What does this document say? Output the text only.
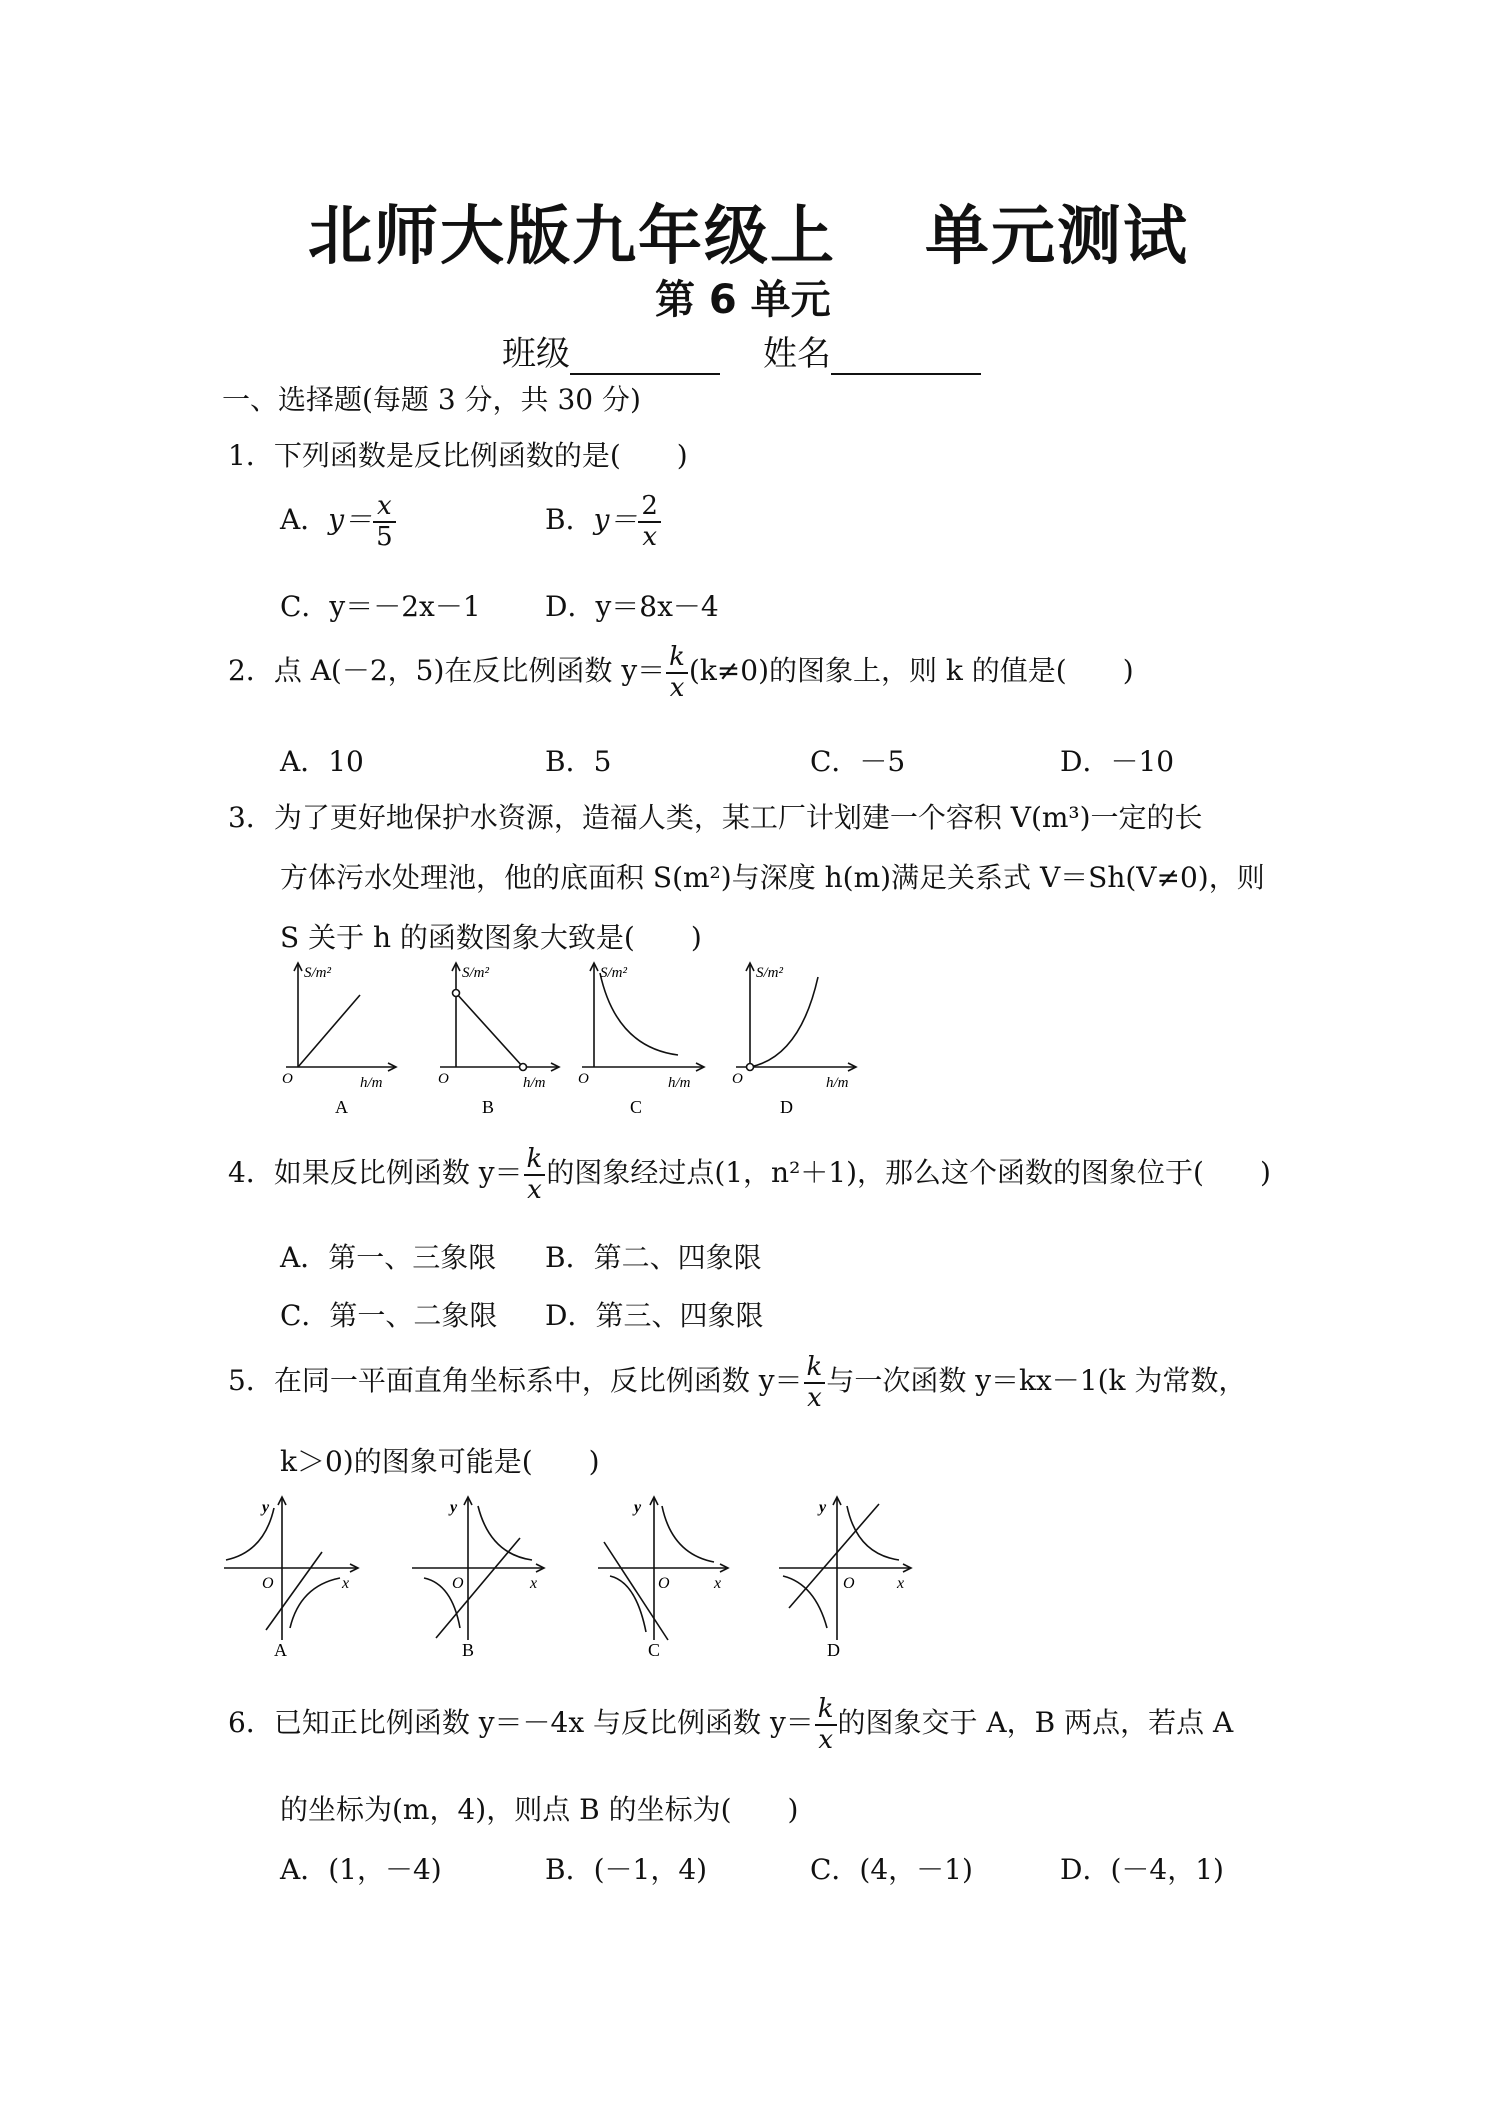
北师大版九年级上 单元测试
第 6 单元
班级	姓名
一、选择题(每题 3 分，共 30 分)
1．下列函数是反比例函数的是(　　)
A．$y= \frac{x}{5}$	B．$y= \frac{2}{x}$
C．y＝－2x－1 D．y＝8x－4
2．点 A(－2，5)在反比例函数 $y= \frac{k}{x} (k\ne 0)$的图象上，则 k 的值是(　　)
A．10	B．5	C．－5	D．－10
3．为了更好地保护水资源，造福人类，某工厂计划建一个容积 V(m³)一定的长
方体污水处理池，他的底面积 S(m²)与深度 h(m)满足关系式 V＝Sh(V≠0)，则
S 关于 h 的函数图象大致是(　　)
S/m²
O	h/m
A
S/m²
O	h/m
B
S/m²
O	h/m
C
S/m²
O	h/m
D
4．如果反比例函数 $y= \frac{k}{x}$ 的图象经过点(1，n²＋1)，那么这个函数的图象位于(　　)
A．第一、三象限 B．第二、四象限
C．第一、二象限 D．第三、四象限
5．在同一平面直角坐标系中，反比例函数 $y= \frac{k}{x}$ 与一次函数 y＝kx－1(k 为常数，
k＞0)的图象可能是(　　)
y
O	x
A
y
O	x
B
y
O	x
C
y
O	x
D
6．已知正比例函数 y＝－4x 与反比例函数 $y= \frac{k}{x}$ 的图象交于 A，B 两点，若点 A
的坐标为(m，4)，则点 B 的坐标为(　　)
A．(1，－4)	B．(－1，4)	C．(4，－1)	D．(－4，1)
